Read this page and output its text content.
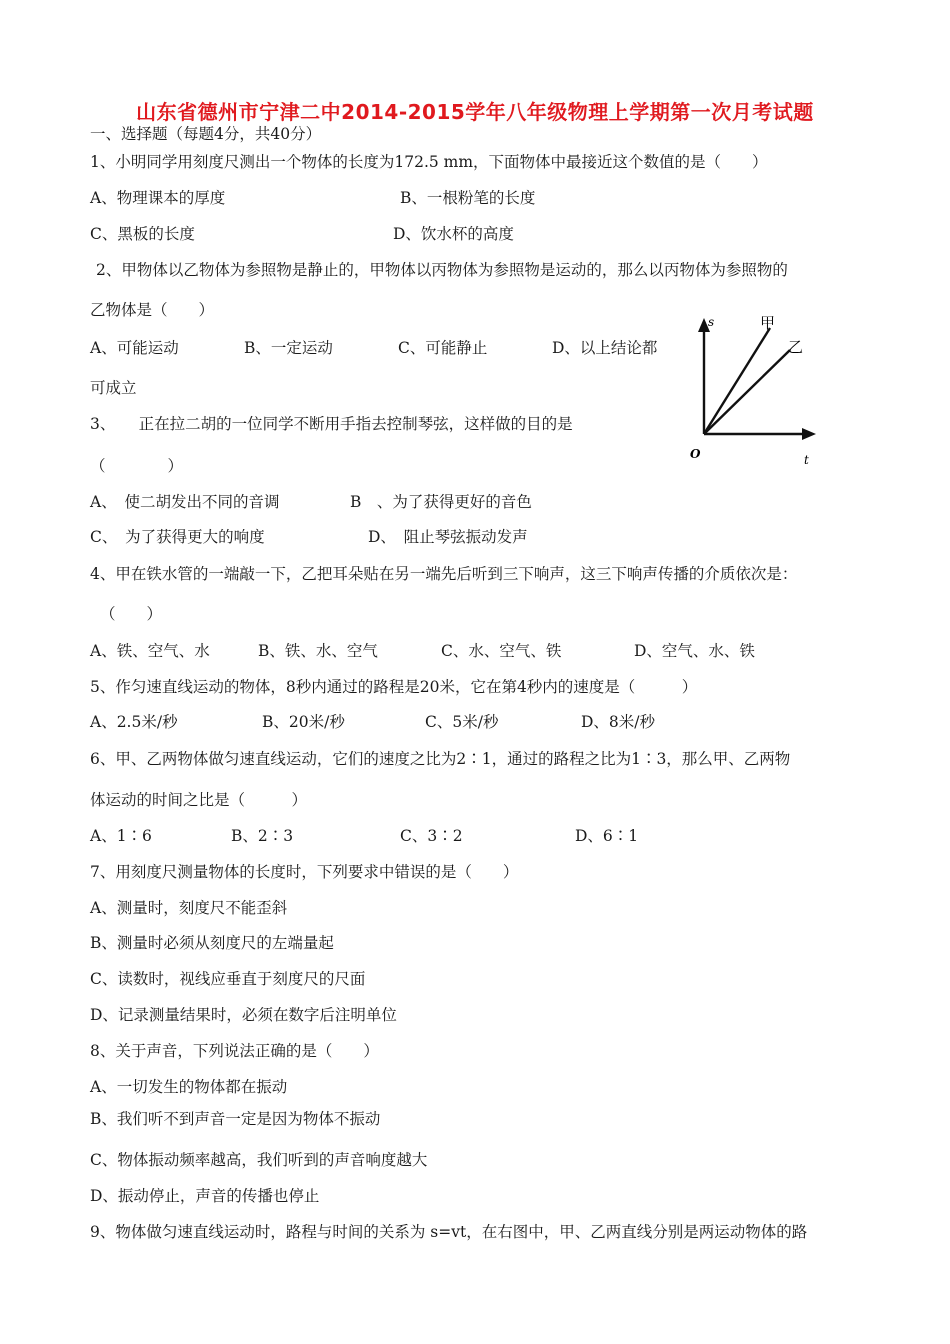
山东省德州市宁津二中2014-2015学年八年级物理上学期第一次月考试题
一、选择题（每题4分，共40分）
1、小明同学用刻度尺测出一个物体的长度为172.5 mm，下面物体中最接近这个数值的是（　　）
A、物理课本的厚度	B、一根粉笔的长度
C、黑板的长度	D、饮水杯的高度
2、甲物体以乙物体为参照物是静止的，甲物体以丙物体为参照物是运动的，那么以丙物体为参照物的
乙物体是（　　）
A、可能运动	B、一定运动	C、可能静止	D、以上结论都
可成立
s
t
O
甲
乙
3、　　正在拉二胡的一位同学不断用手指去控制琴弦，这样做的目的是
（　　　　）
A、　使二胡发出不同的音调	B　、为了获得更好的音色
C、　为了获得更大的响度	D、　阻止琴弦振动发声
4、甲在铁水管的一端敲一下，乙把耳朵贴在另一端先后听到三下响声，这三下响声传播的介质依次是：
（　　）
A、铁、空气、水	B、铁、水、空气	C、水、空气、铁	D、空气、水、铁
5、作匀速直线运动的物体，8秒内通过的路程是20米，它在第4秒内的速度是（　　　）
A、2.5米/秒	B、20米/秒	C、5米/秒	D、8米/秒
6、甲、乙两物体做匀速直线运动，它们的速度之比为2∶1，通过的路程之比为1∶3，那么甲、乙两物
体运动的时间之比是（　　　）
A、1∶6	B、2∶3	C、3∶2	D、6∶1
7、用刻度尺测量物体的长度时，下列要求中错误的是（　　）
A、测量时，刻度尺不能歪斜
B、测量时必须从刻度尺的左端量起
C、读数时，视线应垂直于刻度尺的尺面
D、记录测量结果时，必须在数字后注明单位
8、关于声音，下列说法正确的是（　　）
A、一切发生的物体都在振动
B、我们听不到声音一定是因为物体不振动
C、物体振动频率越高，我们听到的声音响度越大
D、振动停止，声音的传播也停止
9、物体做匀速直线运动时，路程与时间的关系为 s=vt，在右图中，甲、乙两直线分别是两运动物体的路
